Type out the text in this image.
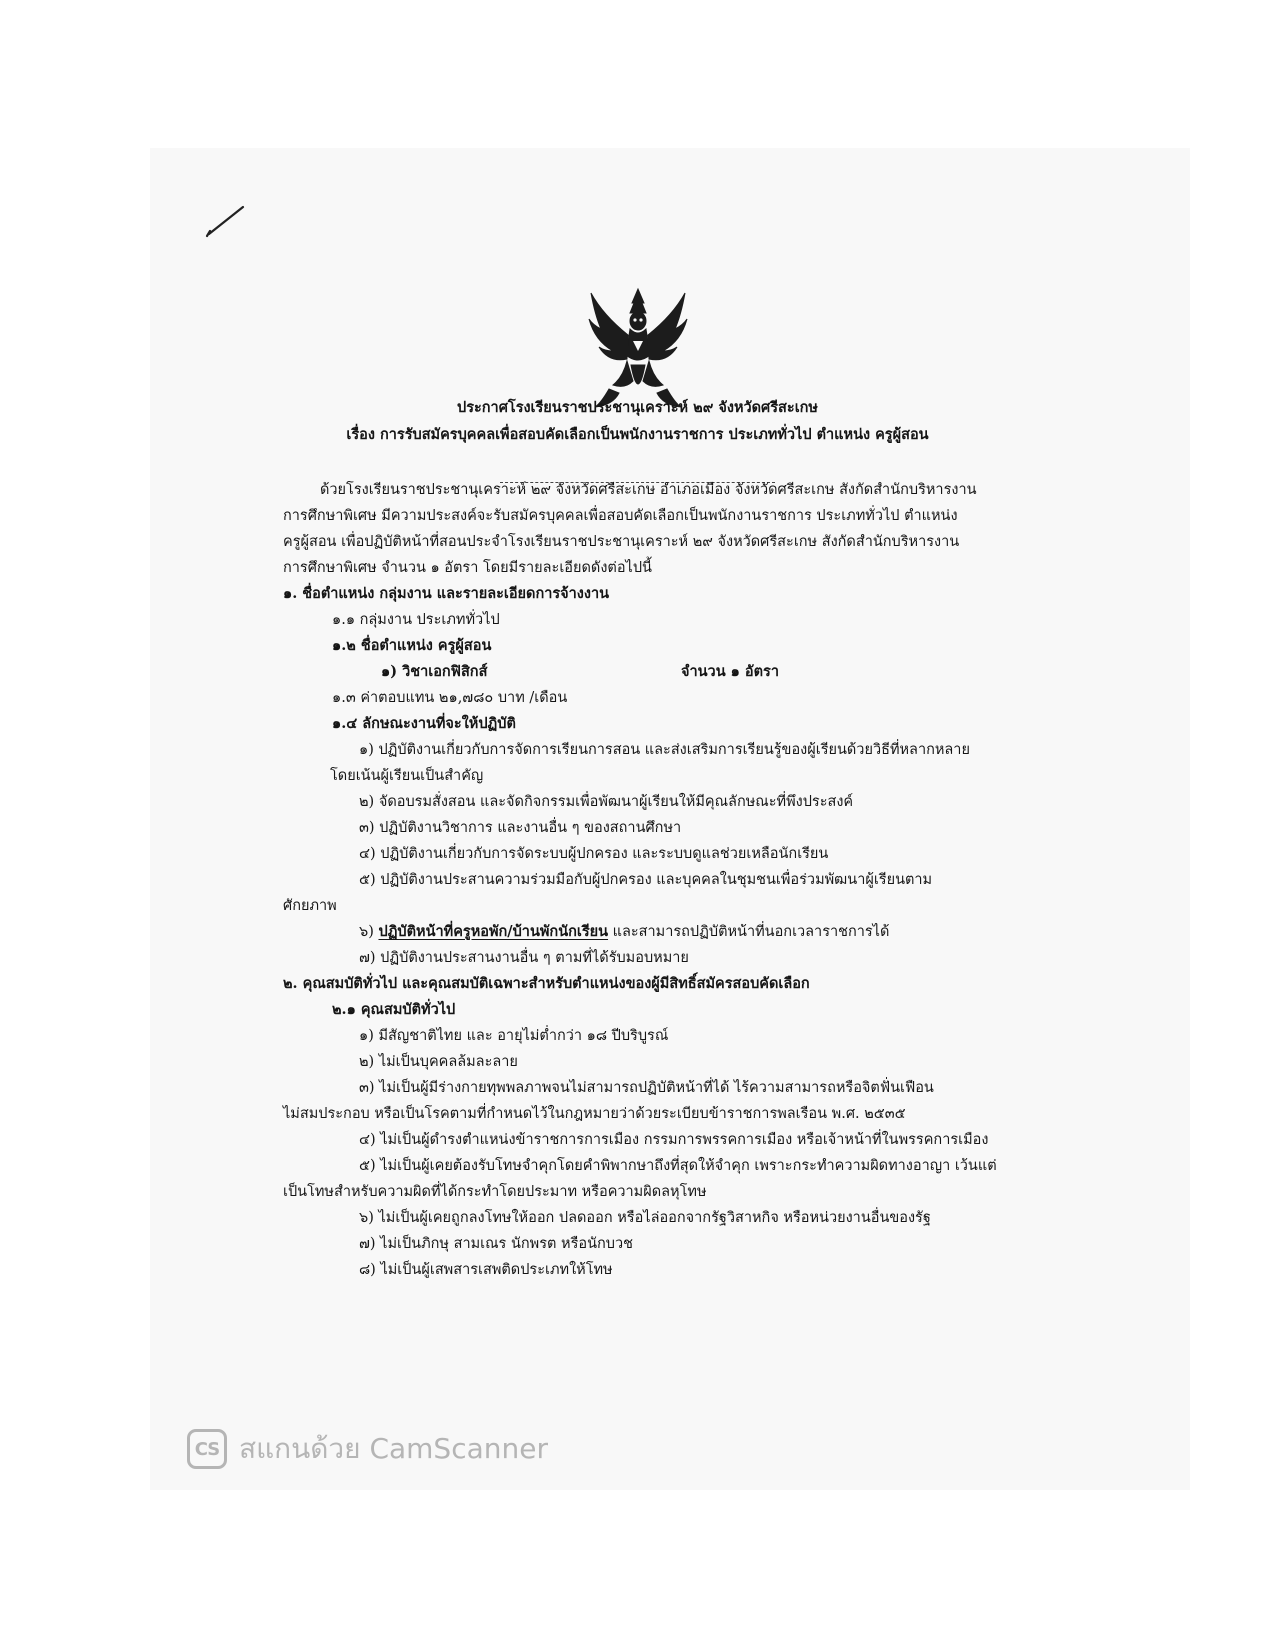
ประกาศโรงเรียนราชประชานุเคราะห์ ๒๙ จังหวัดศรีสะเกษ
เรื่อง การรับสมัครบุคคลเพื่อสอบคัดเลือกเป็นพนักงานราชการ ประเภททั่วไป ตำแหน่ง ครูผู้สอน
ด้วยโรงเรียนราชประชานุเคราะห์ ๒๙ จังหวัดศรีสะเกษ อำเภอเมือง จังหวัดศรีสะเกษ สังกัดสำนักบริหารงาน
การศึกษาพิเศษ มีความประสงค์จะรับสมัครบุคคลเพื่อสอบคัดเลือกเป็นพนักงานราชการ ประเภททั่วไป ตำแหน่ง
ครูผู้สอน เพื่อปฏิบัติหน้าที่สอนประจำโรงเรียนราชประชานุเคราะห์ ๒๙ จังหวัดศรีสะเกษ สังกัดสำนักบริหารงาน
การศึกษาพิเศษ จำนวน ๑ อัตรา โดยมีรายละเอียดดังต่อไปนี้
๑. ชื่อตำแหน่ง กลุ่มงาน และรายละเอียดการจ้างงาน
๑.๑ กลุ่มงาน ประเภททั่วไป
๑.๒ ชื่อตำแหน่ง ครูผู้สอน
๑) วิชาเอกฟิสิกส์	จำนวน ๑ อัตรา
๑.๓ ค่าตอบแทน ๒๑,๗๘๐ บาท /เดือน
๑.๔ ลักษณะงานที่จะให้ปฏิบัติ
๑) ปฏิบัติงานเกี่ยวกับการจัดการเรียนการสอน และส่งเสริมการเรียนรู้ของผู้เรียนด้วยวิธีที่หลากหลาย
โดยเน้นผู้เรียนเป็นสำคัญ
๒) จัดอบรมสั่งสอน และจัดกิจกรรมเพื่อพัฒนาผู้เรียนให้มีคุณลักษณะที่พึงประสงค์
๓) ปฏิบัติงานวิชาการ และงานอื่น ๆ ของสถานศึกษา
๔) ปฏิบัติงานเกี่ยวกับการจัดระบบผู้ปกครอง และระบบดูแลช่วยเหลือนักเรียน
๕) ปฏิบัติงานประสานความร่วมมือกับผู้ปกครอง และบุคคลในชุมชนเพื่อร่วมพัฒนาผู้เรียนตาม
ศักยภาพ
๖) ปฏิบัติหน้าที่ครูหอพัก/บ้านพักนักเรียน และสามารถปฏิบัติหน้าที่นอกเวลาราชการได้
๗) ปฏิบัติงานประสานงานอื่น ๆ ตามที่ได้รับมอบหมาย
๒. คุณสมบัติทั่วไป และคุณสมบัติเฉพาะสำหรับตำแหน่งของผู้มีสิทธิ์สมัครสอบคัดเลือก
๒.๑ คุณสมบัติทั่วไป
๑) มีสัญชาติไทย และ อายุไม่ต่ำกว่า ๑๘ ปีบริบูรณ์
๒) ไม่เป็นบุคคลล้มละลาย
๓) ไม่เป็นผู้มีร่างกายทุพพลภาพจนไม่สามารถปฏิบัติหน้าที่ได้ ไร้ความสามารถหรือจิตฟั่นเฟือน
ไม่สมประกอบ หรือเป็นโรคตามที่กำหนดไว้ในกฎหมายว่าด้วยระเบียบข้าราชการพลเรือน พ.ศ. ๒๕๓๕
๔) ไม่เป็นผู้ดำรงตำแหน่งข้าราชการการเมือง กรรมการพรรคการเมือง หรือเจ้าหน้าที่ในพรรคการเมือง
๕) ไม่เป็นผู้เคยต้องรับโทษจำคุกโดยคำพิพากษาถึงที่สุดให้จำคุก เพราะกระทำความผิดทางอาญา เว้นแต่
เป็นโทษสำหรับความผิดที่ได้กระทำโดยประมาท หรือความผิดลหุโทษ
๖) ไม่เป็นผู้เคยถูกลงโทษให้ออก ปลดออก หรือไล่ออกจากรัฐวิสาหกิจ หรือหน่วยงานอื่นของรัฐ
๗) ไม่เป็นภิกษุ สามเณร นักพรต หรือนักบวช
๘) ไม่เป็นผู้เสพสารเสพติดประเภทให้โทษ
CS สแกนด้วย CamScanner
